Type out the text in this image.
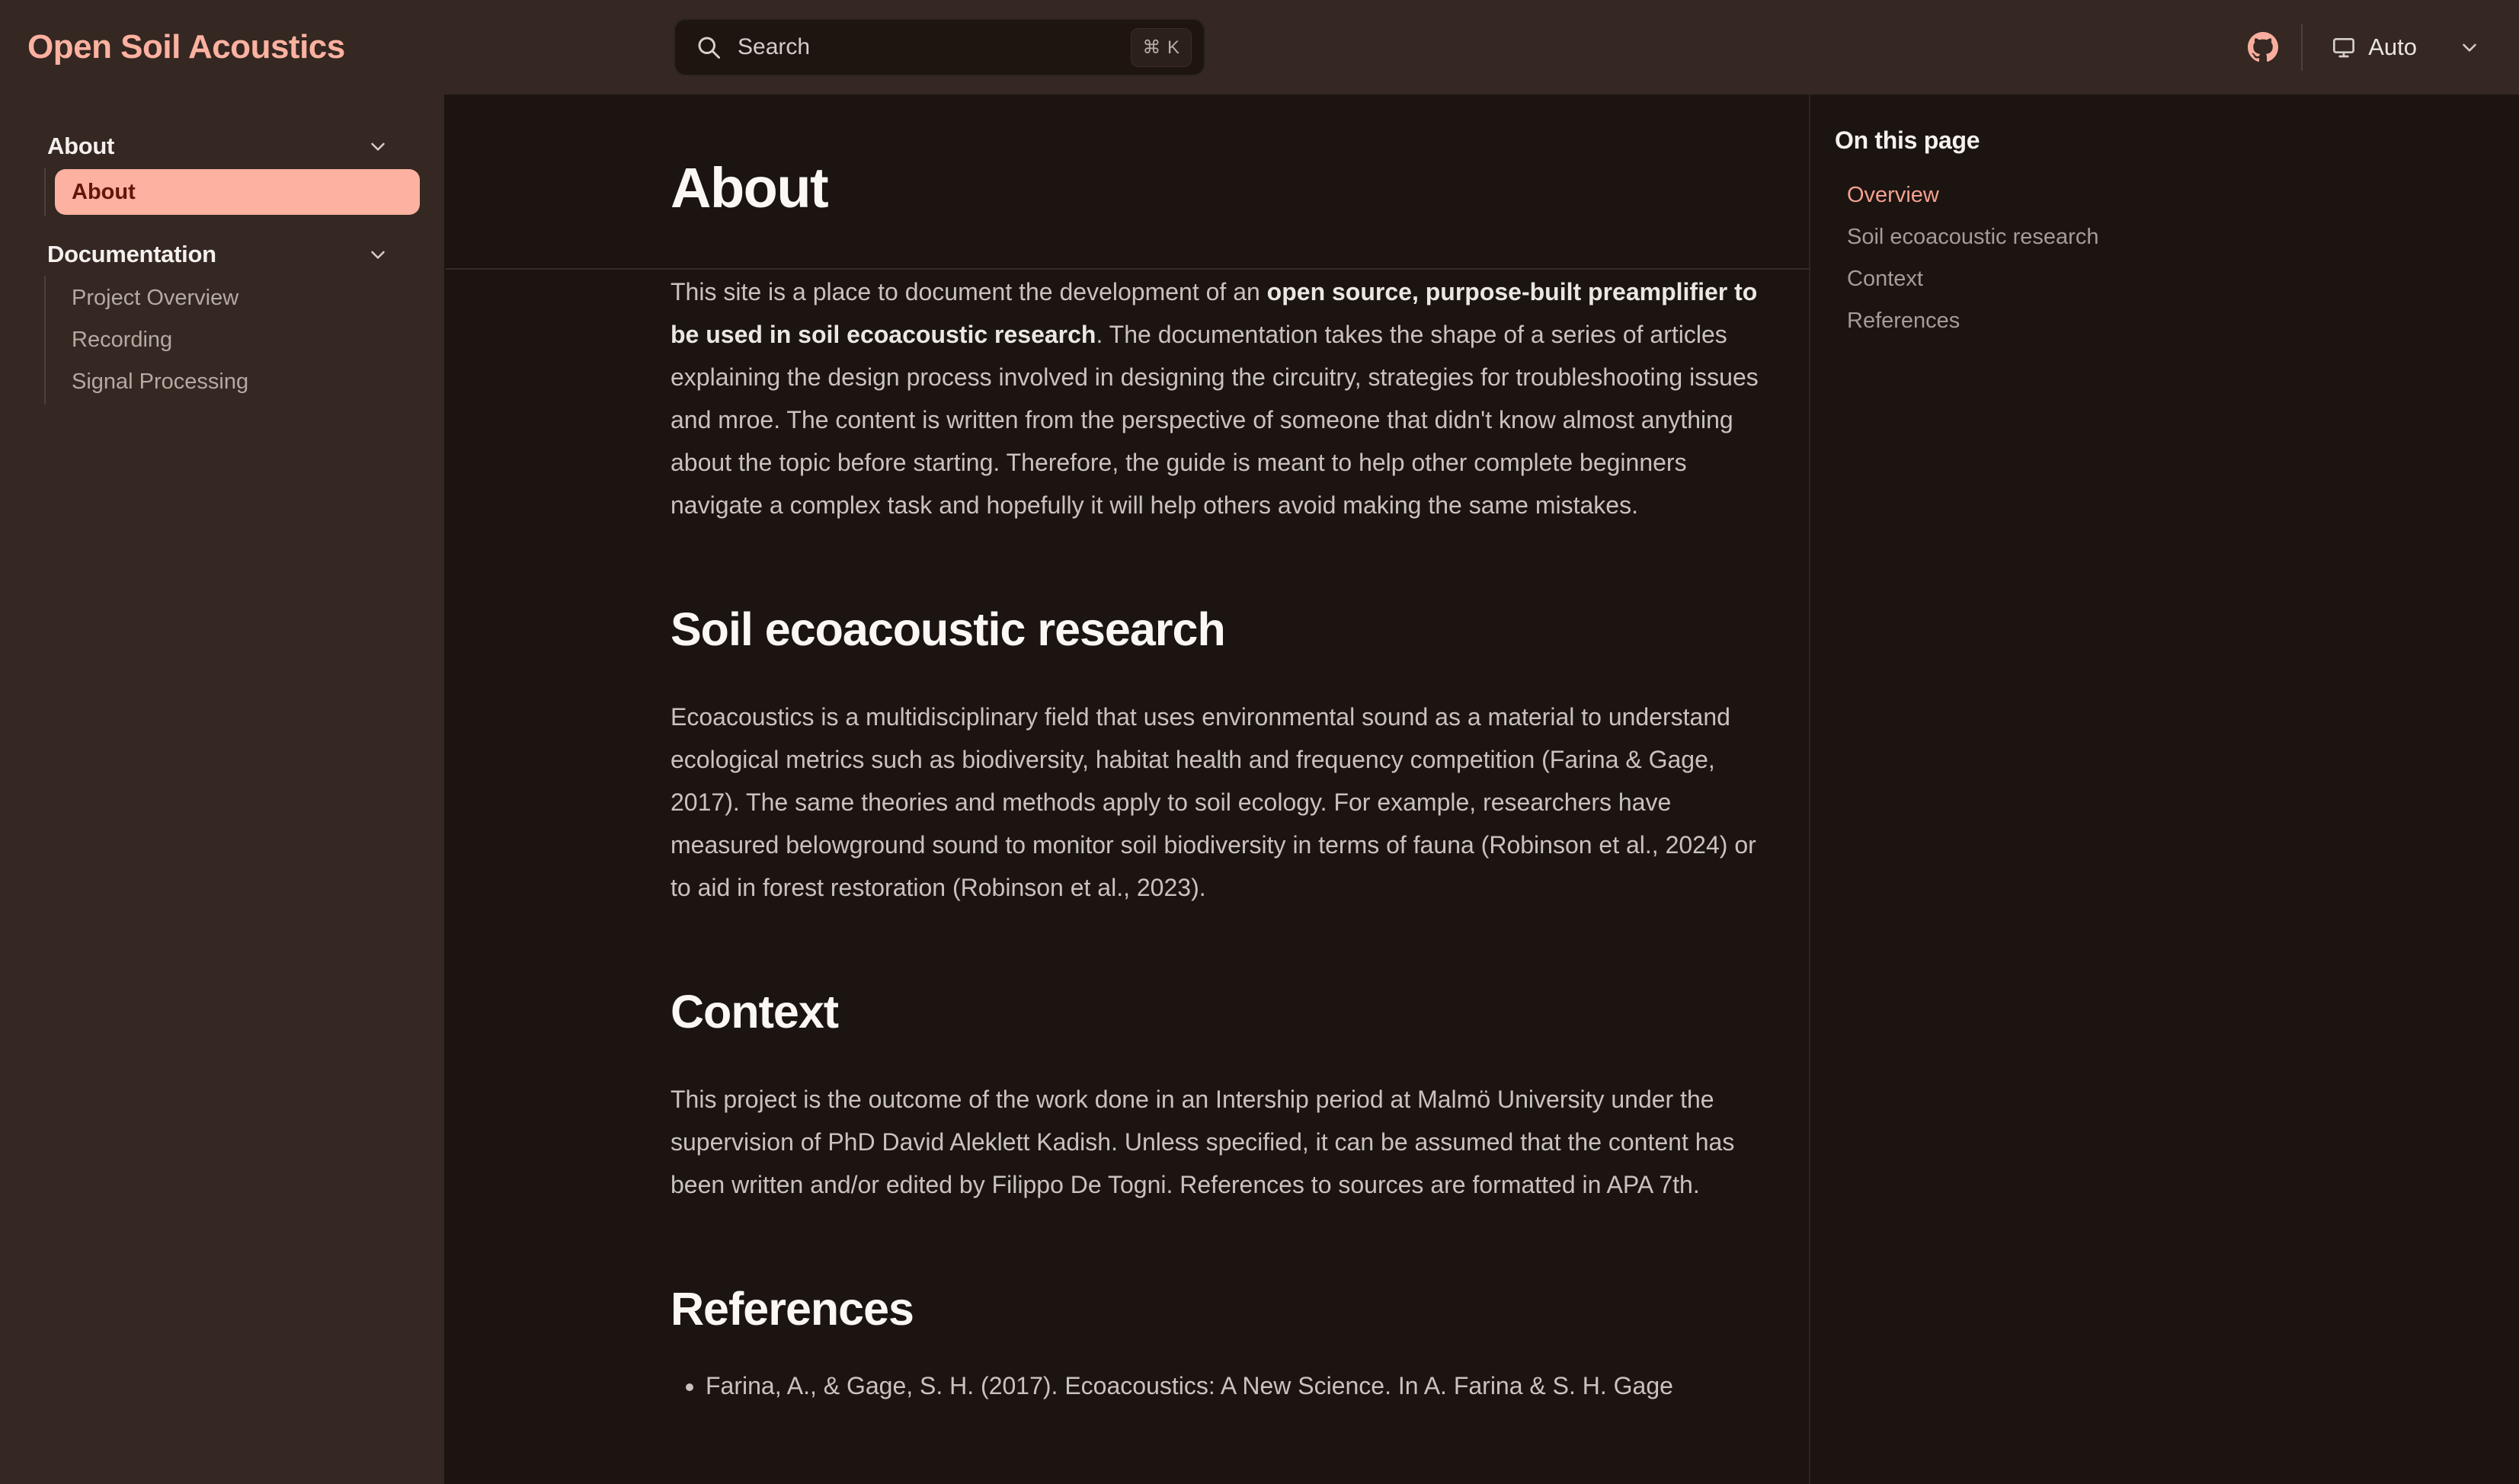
Open Soil Acoustics	Search	⌘ K	Auto
About
About
Documentation
Project Overview
Recording
Signal Processing
About

This site is a place to document the development of an open source, purpose-built preamplifier to be used in soil ecoacoustic research. The documentation takes the shape of a series of articles explaining the design process involved in designing the circuitry, strategies for troubleshooting issues and mroe. The content is written from the perspective of someone that didn't know almost anything about the topic before starting. Therefore, the guide is meant to help other complete beginners navigate a complex task and hopefully it will help others avoid making the same mistakes.

Soil ecoacoustic research

Ecoacoustics is a multidisciplinary field that uses environmental sound as a material to understand ecological metrics such as biodiversity, habitat health and frequency competition (Farina & Gage, 2017). The same theories and methods apply to soil ecology. For example, researchers have measured belowground sound to monitor soil biodiversity in terms of fauna (Robinson et al., 2024) or to aid in forest restoration (Robinson et al., 2023).

Context

This project is the outcome of the work done in an Intership period at Malmö University under the supervision of PhD David Aleklett Kadish. Unless specified, it can be assumed that the content has been written and/or edited by Filippo De Togni. References to sources are formatted in APA 7th.

References
• Farina, A., & Gage, S. H. (2017). Ecoacoustics: A New Science. In A. Farina & S. H. Gage
On this page
Overview
Soil ecoacoustic research
Context
References
